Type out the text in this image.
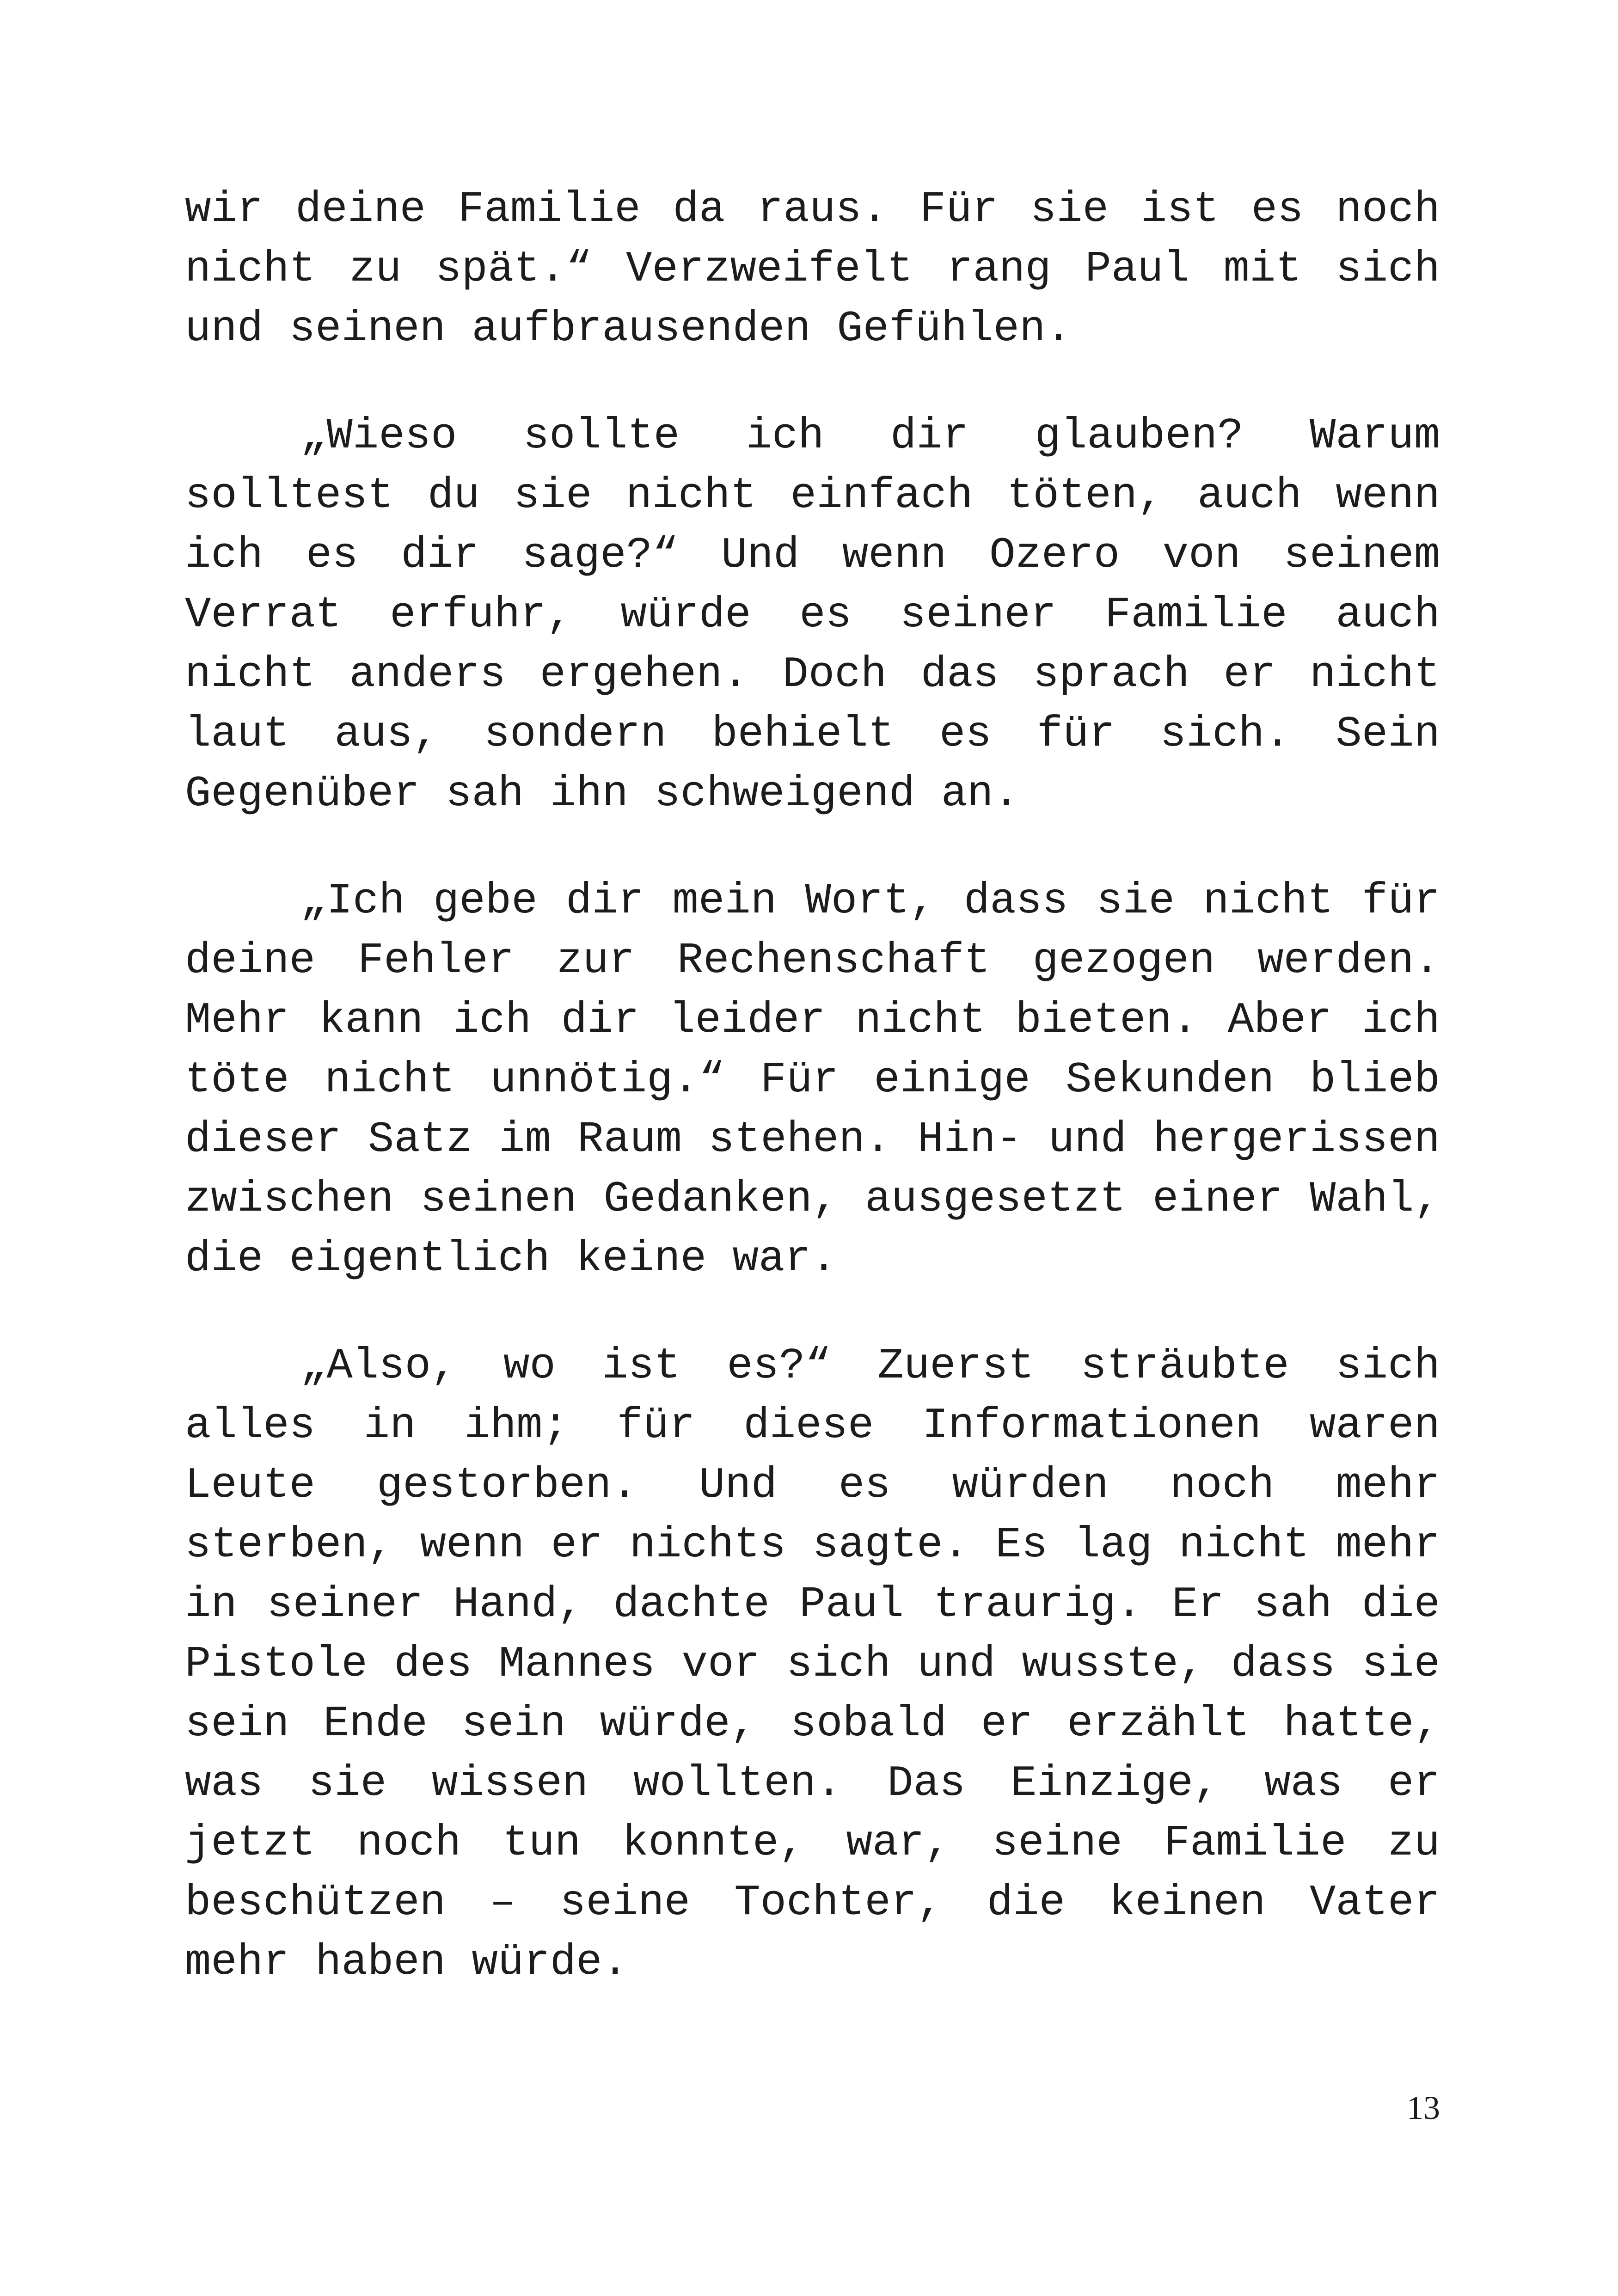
wir deine Familie da raus. Für sie ist es noch nicht zu spät.“ Verzweifelt rang Paul mit sich und seinen aufbrausenden Gefühlen.

„Wieso sollte ich dir glauben? Warum solltest du sie nicht einfach töten, auch wenn ich es dir sage?“ Und wenn Ozero von seinem Verrat erfuhr, würde es seiner Familie auch nicht anders ergehen. Doch das sprach er nicht laut aus, sondern behielt es für sich. Sein Gegenüber sah ihn schweigend an.

„Ich gebe dir mein Wort, dass sie nicht für deine Fehler zur Rechenschaft gezogen werden. Mehr kann ich dir leider nicht bieten. Aber ich töte nicht unnötig.“ Für einige Sekunden blieb dieser Satz im Raum stehen. Hin- und hergerissen zwischen seinen Gedanken, ausgesetzt einer Wahl, die eigentlich keine war.

„Also, wo ist es?“ Zuerst sträubte sich alles in ihm; für diese Informationen waren Leute gestorben. Und es würden noch mehr sterben, wenn er nichts sagte. Es lag nicht mehr in seiner Hand, dachte Paul traurig. Er sah die Pistole des Mannes vor sich und wusste, dass sie sein Ende sein würde, sobald er erzählt hatte, was sie wissen wollten. Das Einzige, was er jetzt noch tun konnte, war, seine Familie zu beschützen – seine Tochter, die keinen Vater mehr haben würde.

13
